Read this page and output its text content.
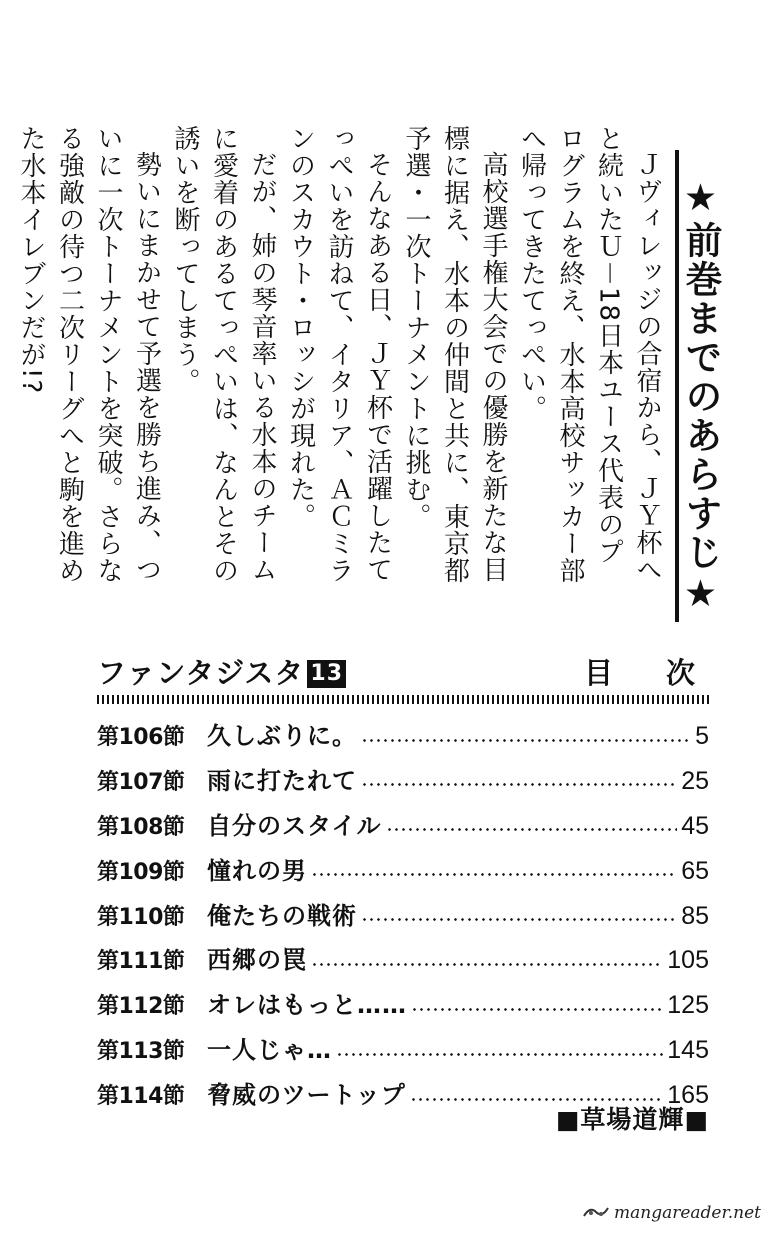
★前巻までのあらすじ★

Ｊヴィレッジの合宿から、ＪＹ杯へと続いたＵ－18日本ユース代表のプログラムを終え、水本高校サッカー部へ帰ってきたてっぺい。

高校選手権大会での優勝を新たな目標に据え、水本の仲間と共に、東京都予選・一次トーナメントに挑む。

そんなある日、ＪＹ杯で活躍したてっぺいを訪ねて、イタリア、ＡＣミランのスカウト・ロッシが現れた。

だが、姉の琴音率いる水本のチームに愛着のあるてっぺいは、なんとその誘いを断ってしまう。

勢いにまかせて予選を勝ち進み、ついに一次トーナメントを突破。さらなる強敵の待つ二次リーグへと駒を進めた水本イレブンだが!?

ファンタジスタ 13	目　次
第106節 久しぶりに。	5
第107節 雨に打たれて	25
第108節 自分のスタイル	45
第109節 憧れの男	65
第110節 俺たちの戦術	85
第111節 西郷の罠	105
第112節 オレはもっと……	125
第113節 一人じゃ…	145
第114節 脅威のツートップ	165
■草場道輝■
mangareader.net
